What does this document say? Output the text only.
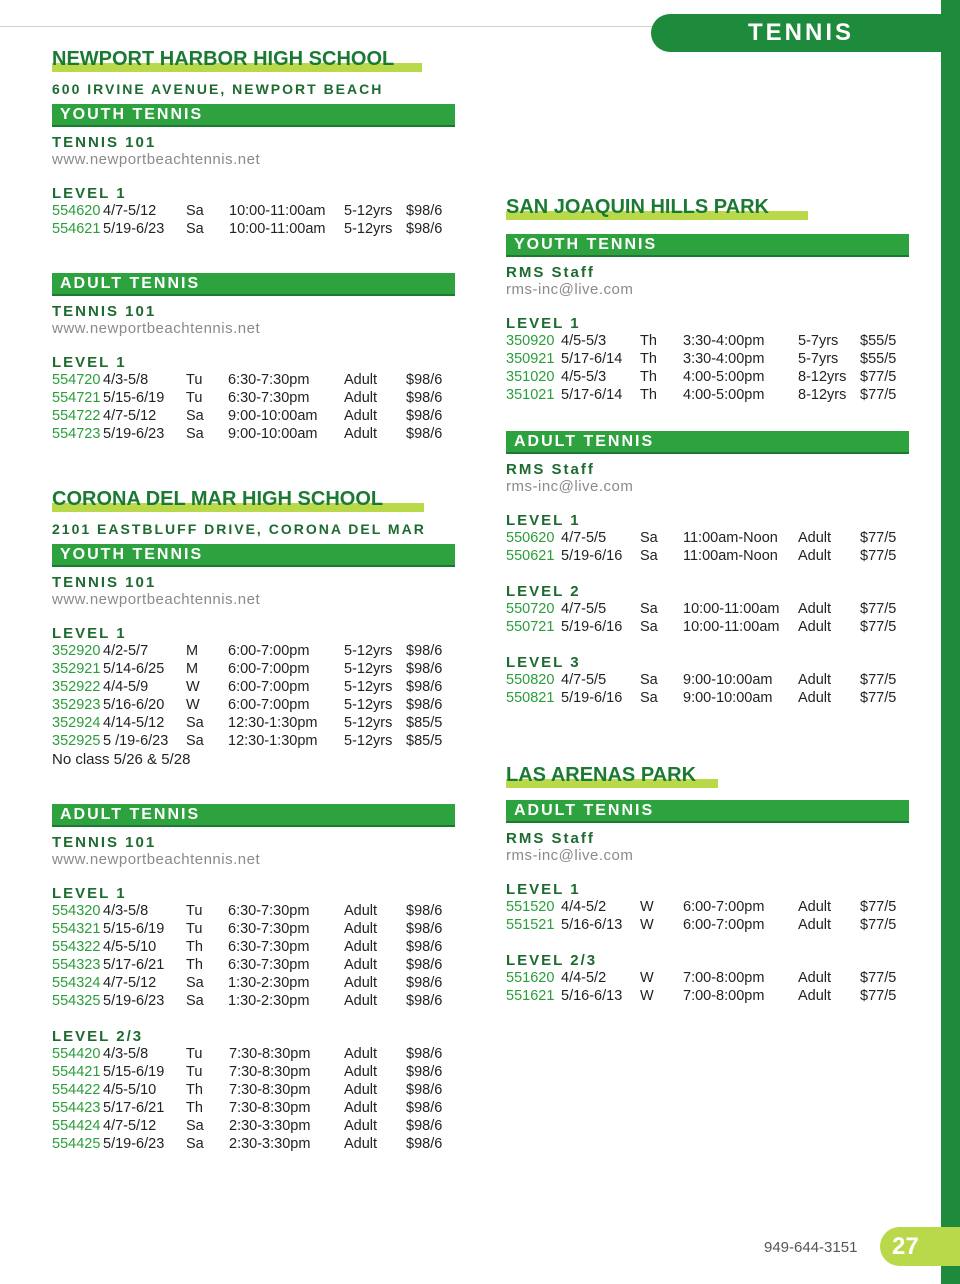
TENNIS
NEWPORT HARBOR HIGH SCHOOL
600 IRVINE AVENUE, NEWPORT BEACH
YOUTH TENNIS
TENNIS 101
www.newportbeachtennis.net
LEVEL 1
554620 4/7-5/12 Sa 10:00-11:00am 5-12yrs $98/6
554621 5/19-6/23 Sa 10:00-11:00am 5-12yrs $98/6
ADULT TENNIS
TENNIS 101
www.newportbeachtennis.net
LEVEL 1
554720 4/3-5/8	Tu 6:30-7:30pm Adult $98/6
554721 5/15-6/19 Tu 6:30-7:30pm Adult $98/6
554722 4/7-5/12 Sa 9:00-10:00am Adult $98/6
554723 5/19-6/23 Sa 9:00-10:00am Adult $98/6
CORONA DEL MAR HIGH SCHOOL
2101 EASTBLUFF DRIVE, CORONA DEL MAR
YOUTH TENNIS
TENNIS 101
www.newportbeachtennis.net
LEVEL 1
352920 4/2-5/7	M 6:00-7:00pm 5-12yrs $98/6
352921 5/14-6/25 M 6:00-7:00pm 5-12yrs $98/6
352922 4/4-5/9	W 6:00-7:00pm 5-12yrs $98/6
352923 5/16-6/20 W 6:00-7:00pm 5-12yrs $98/6
352924 4/14-5/12 Sa 12:30-1:30pm 5-12yrs $85/5
352925 5 /19-6/23 Sa 12:30-1:30pm 5-12yrs $85/5
No class 5/26 & 5/28
ADULT TENNIS
TENNIS 101
www.newportbeachtennis.net
LEVEL 1
554320 4/3-5/8	Tu 6:30-7:30pm Adult $98/6
554321 5/15-6/19 Tu 6:30-7:30pm Adult $98/6
554322 4/5-5/10 Th 6:30-7:30pm Adult $98/6
554323 5/17-6/21 Th 6:30-7:30pm Adult $98/6
554324 4/7-5/12 Sa 1:30-2:30pm Adult $98/6
554325 5/19-6/23 Sa 1:30-2:30pm Adult $98/6
LEVEL 2/3
554420 4/3-5/8	Tu 7:30-8:30pm Adult $98/6
554421 5/15-6/19 Tu 7:30-8:30pm Adult $98/6
554422 4/5-5/10 Th 7:30-8:30pm Adult $98/6
554423 5/17-6/21 Th 7:30-8:30pm Adult $98/6
554424 4/7-5/12 Sa 2:30-3:30pm Adult $98/6
554425 5/19-6/23 Sa 2:30-3:30pm Adult $98/6
SAN JOAQUIN HILLS PARK
YOUTH TENNIS
RMS Staff
rms-inc@live.com
LEVEL 1
350920 4/5-5/3 Th 3:30-4:00pm 5-7yrs $55/5
350921 5/17-6/14 Th 3:30-4:00pm 5-7yrs $55/5
351020 4/5-5/3 Th 4:00-5:00pm 8-12yrs $77/5
351021 5/17-6/14 Th 4:00-5:00pm 8-12yrs $77/5
ADULT TENNIS
RMS Staff
rms-inc@live.com
LEVEL 1
550620 4/7-5/5 Sa 11:00am-Noon Adult $77/5
550621 5/19-6/16 Sa 11:00am-Noon Adult $77/5
LEVEL 2
550720 4/7-5/5 Sa 10:00-11:00am Adult $77/5
550721 5/19-6/16 Sa 10:00-11:00am Adult $77/5
LEVEL 3
550820 4/7-5/5 Sa 9:00-10:00am Adult $77/5
550821 5/19-6/16 Sa 9:00-10:00am Adult $77/5
LAS ARENAS PARK
ADULT TENNIS
RMS Staff
rms-inc@live.com
LEVEL 1
551520 4/4-5/2 W 6:00-7:00pm Adult $77/5
551521 5/16-6/13 W 6:00-7:00pm Adult $77/5
LEVEL 2/3
551620 4/4-5/2 W 7:00-8:00pm Adult $77/5
551621 5/16-6/13 W 7:00-8:00pm Adult $77/5
949-644-3151	27
